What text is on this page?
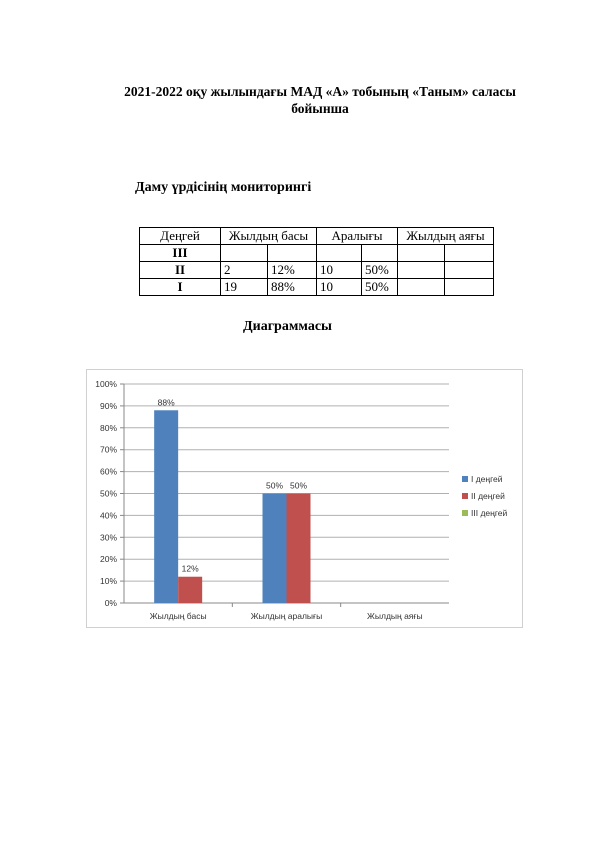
2021-2022 оқу жылындағы МАД «А» тобының «Таным» саласы бойынша
Даму үрдісінің мониторингі
Деңгей	Жылдың басы		Аралығы		Жылдың аяғы	
III						
II	2	12%	10	50%		
I	19	88%	10	50%		
Диаграммасы
0%
10%
20%
30%
40%
50%
60%
70%
80%
90%
100%
Жылдың басы
88%
12%
Жылдың аралығы
50% 50%
Жылдың аяғы
I деңгей
II деңгей
III деңгей
